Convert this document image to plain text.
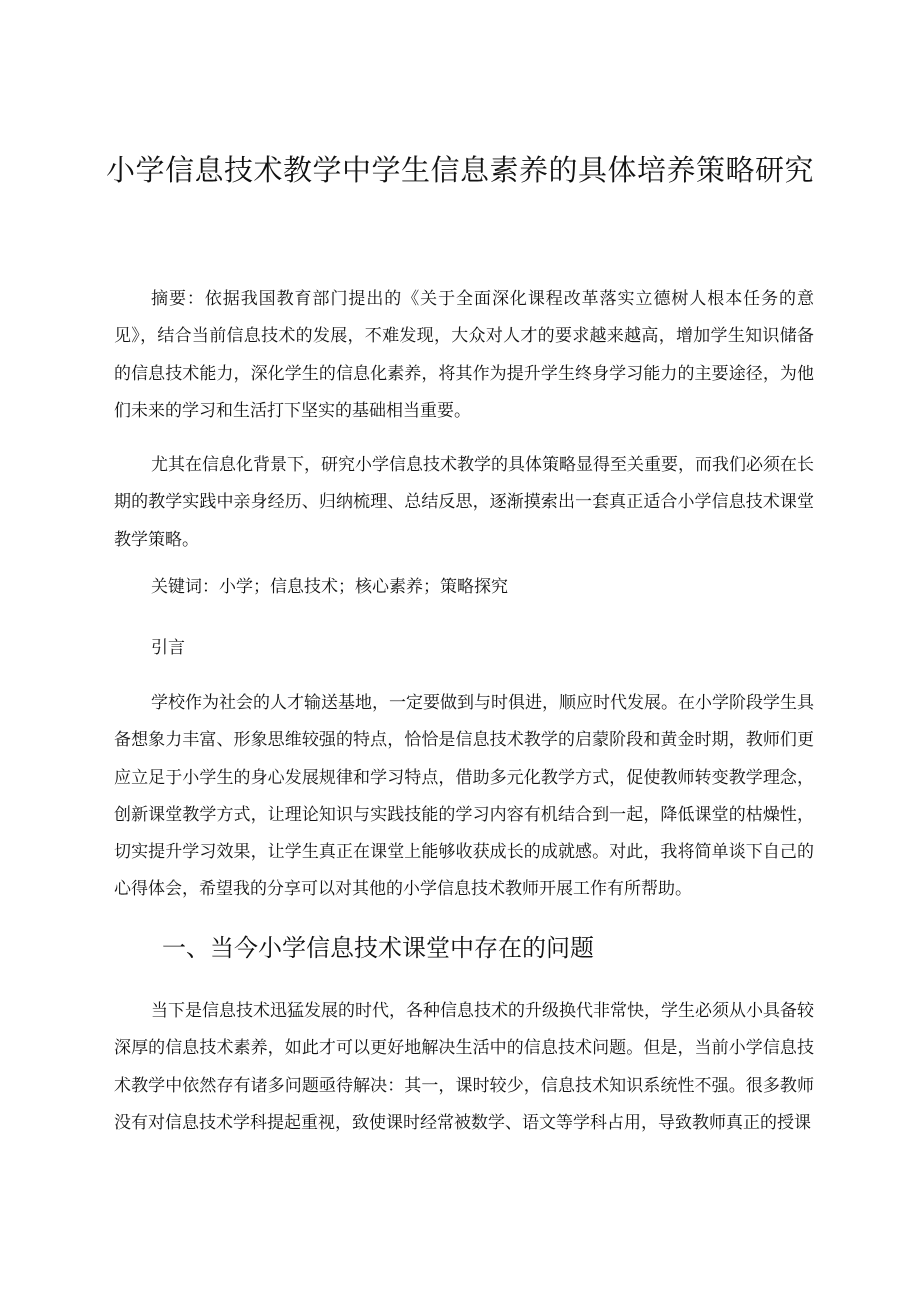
小学信息技术教学中学生信息素养的具体培养策略研究

摘要：依据我国教育部门提出的《关于全面深化课程改革落实立德树人根本任务的意见》，结合当前信息技术的发展，不难发现，大众对人才的要求越来越高，增加学生知识储备的信息技术能力，深化学生的信息化素养，将其作为提升学生终身学习能力的主要途径，为他们未来的学习和生活打下坚实的基础相当重要。

尤其在信息化背景下，研究小学信息技术教学的具体策略显得至关重要，而我们必须在长期的教学实践中亲身经历、归纳梳理、总结反思，逐渐摸索出一套真正适合小学信息技术课堂教学策略。

关键词：小学；信息技术；核心素养；策略探究

引言

学校作为社会的人才输送基地，一定要做到与时俱进，顺应时代发展。在小学阶段学生具备想象力丰富、形象思维较强的特点，恰恰是信息技术教学的启蒙阶段和黄金时期，教师们更应立足于小学生的身心发展规律和学习特点，借助多元化教学方式，促使教师转变教学理念，创新课堂教学方式，让理论知识与实践技能的学习内容有机结合到一起，降低课堂的枯燥性，切实提升学习效果，让学生真正在课堂上能够收获成长的成就感。对此，我将简单谈下自己的心得体会，希望我的分享可以对其他的小学信息技术教师开展工作有所帮助。

一、当今小学信息技术课堂中存在的问题

当下是信息技术迅猛发展的时代，各种信息技术的升级换代非常快，学生必须从小具备较深厚的信息技术素养，如此才可以更好地解决生活中的信息技术问题。但是，当前小学信息技术教学中依然存有诸多问题亟待解决：其一，课时较少，信息技术知识系统性不强。很多教师没有对信息技术学科提起重视，致使课时经常被数学、语文等学科占用，导致教师真正的授课
